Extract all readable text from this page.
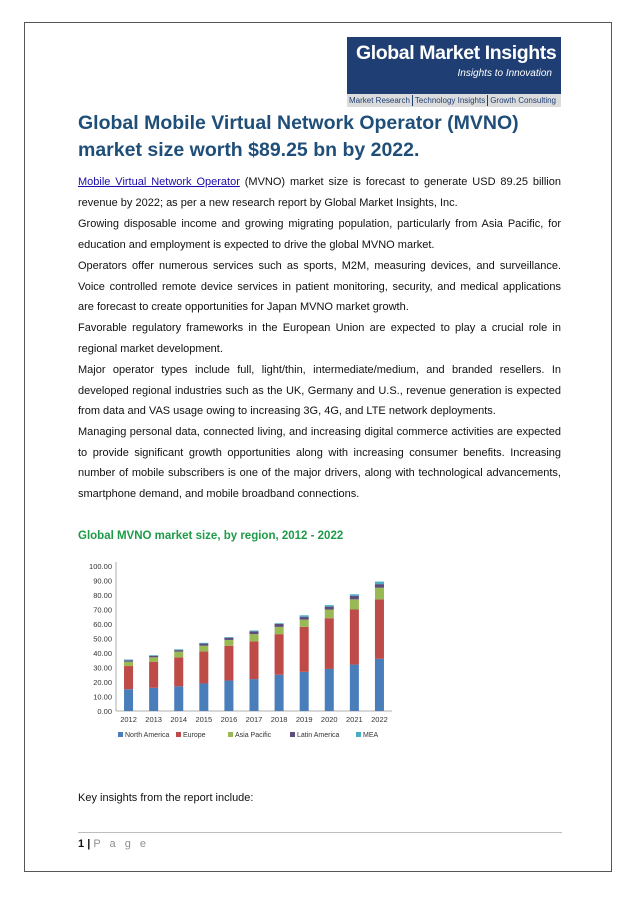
Global Market Insights
Insights to Innovation
Market Research Technology Insights Growth Consulting
Global Mobile Virtual Network Operator (MVNO) market size worth $89.25 bn by 2022.

Mobile Virtual Network Operator (MVNO) market size is forecast to generate USD 89.25 billion revenue by 2022; as per a new research report by Global Market Insights, Inc.

Growing disposable income and growing migrating population, particularly from Asia Pacific, for education and employment is expected to drive the global MVNO market.

Operators offer numerous services such as sports, M2M, measuring devices, and surveillance. Voice controlled remote device services in patient monitoring, security, and medical applications are forecast to create opportunities for Japan MVNO market growth.

Favorable regulatory frameworks in the European Union are expected to play a crucial role in regional market development.

Major operator types include full, light/thin, intermediate/medium, and branded resellers. In developed regional industries such as the UK, Germany and U.S., revenue generation is expected from data and VAS usage owing to increasing 3G, 4G, and LTE network deployments.

Managing personal data, connected living, and increasing digital commerce activities are expected to provide significant growth opportunities along with increasing consumer benefits. Increasing number of mobile subscribers is one of the major drivers, along with technological advancements, smartphone demand, and mobile broadband connections.

Global MVNO market size, by region, 2012 - 2022
100.00
90.00
80.00
70.00
60.00
50.00
40.00
30.00
20.00
10.00
0.00
2012 2013 2014 2015 2016 2017 2018 2019 2020 2021 2022
North America Europe	Asia Pacific	Latin America	MEA

Key insights from the report include:

1 | P a g e
